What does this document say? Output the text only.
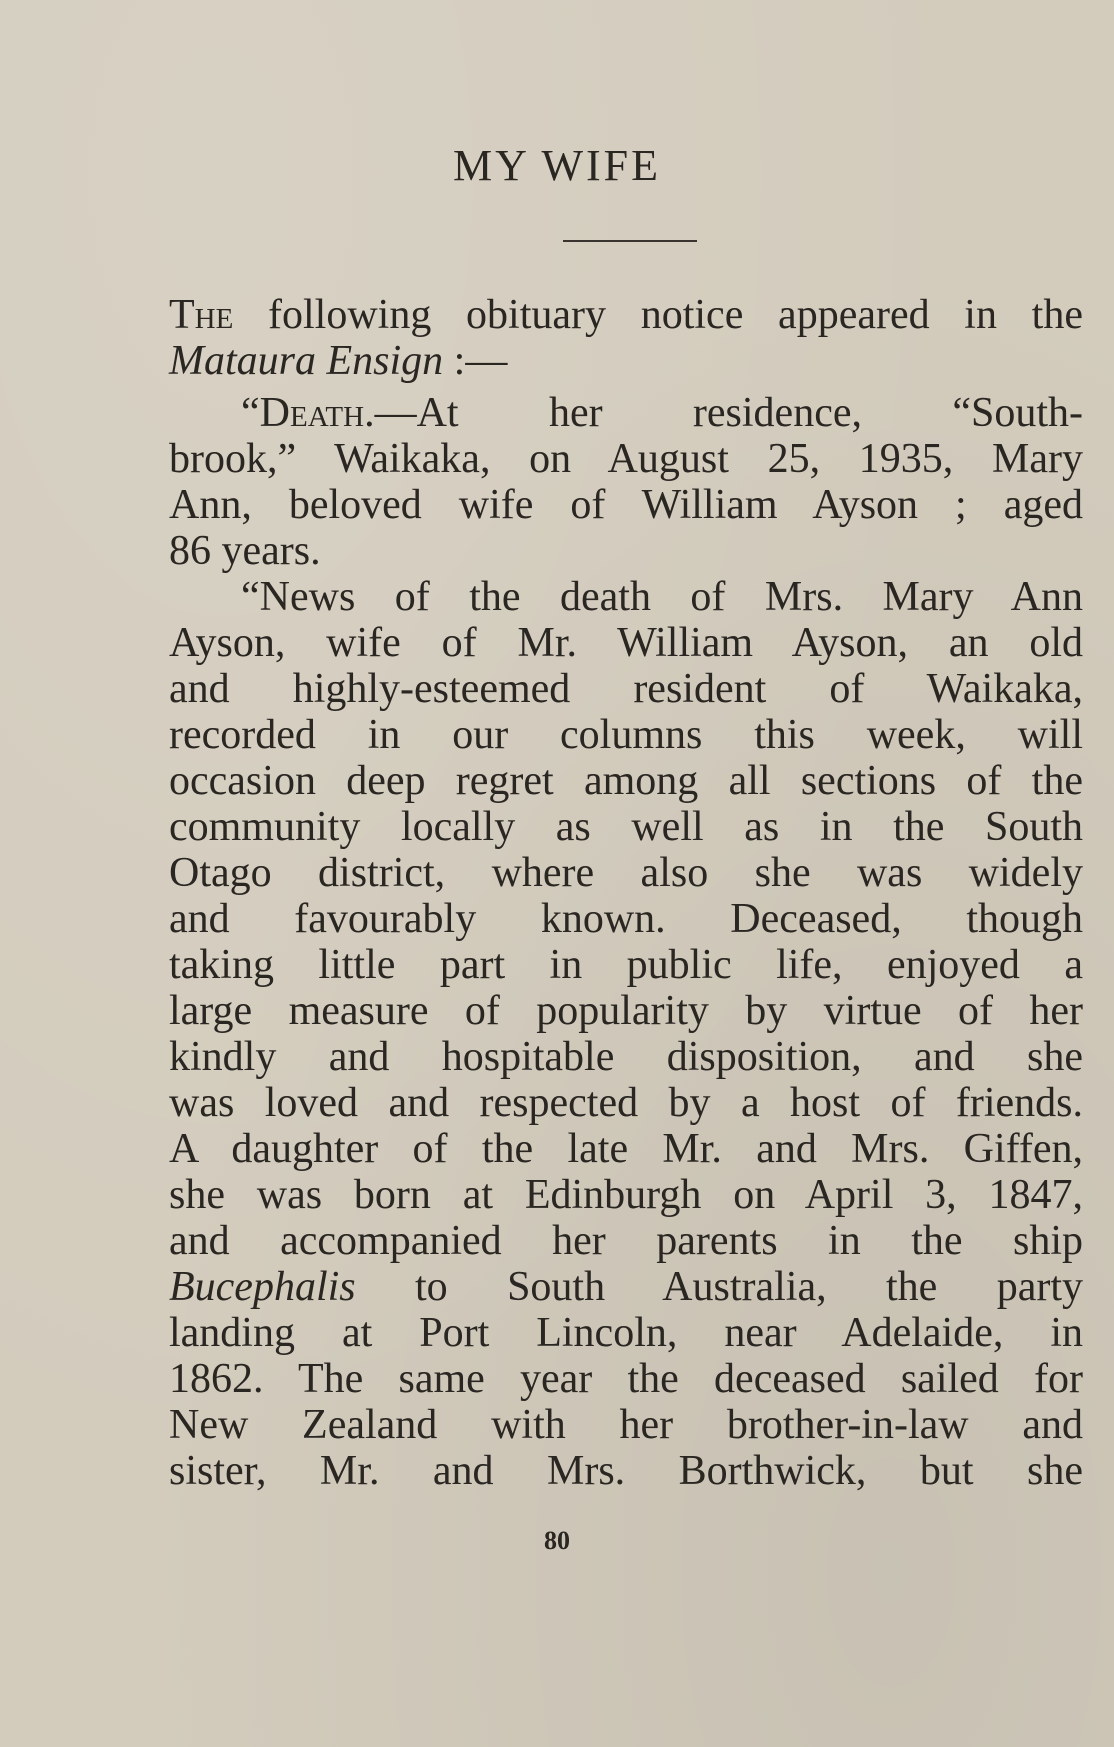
MY WIFE
The following obituary notice appeared in the
Mataura Ensign :—
“Death.—At her residence, “South-
brook,” Waikaka, on August 25, 1935, Mary
Ann, beloved wife of William Ayson ; aged
86 years.
“News of the death of Mrs. Mary Ann
Ayson, wife of Mr. William Ayson, an old
and highly-esteemed resident of Waikaka,
recorded in our columns this week, will
occasion deep regret among all sections of the
community locally as well as in the South
Otago district, where also she was widely
and favourably known. Deceased, though
taking little part in public life, enjoyed a
large measure of popularity by virtue of her
kindly and hospitable disposition, and she
was loved and respected by a host of friends.
A daughter of the late Mr. and Mrs. Giffen,
she was born at Edinburgh on April 3, 1847,
and accompanied her parents in the ship
Bucephalis to South Australia, the party
landing at Port Lincoln, near Adelaide, in
1862. The same year the deceased sailed for
New Zealand with her brother-in-law and
sister, Mr. and Mrs. Borthwick, but she
80
